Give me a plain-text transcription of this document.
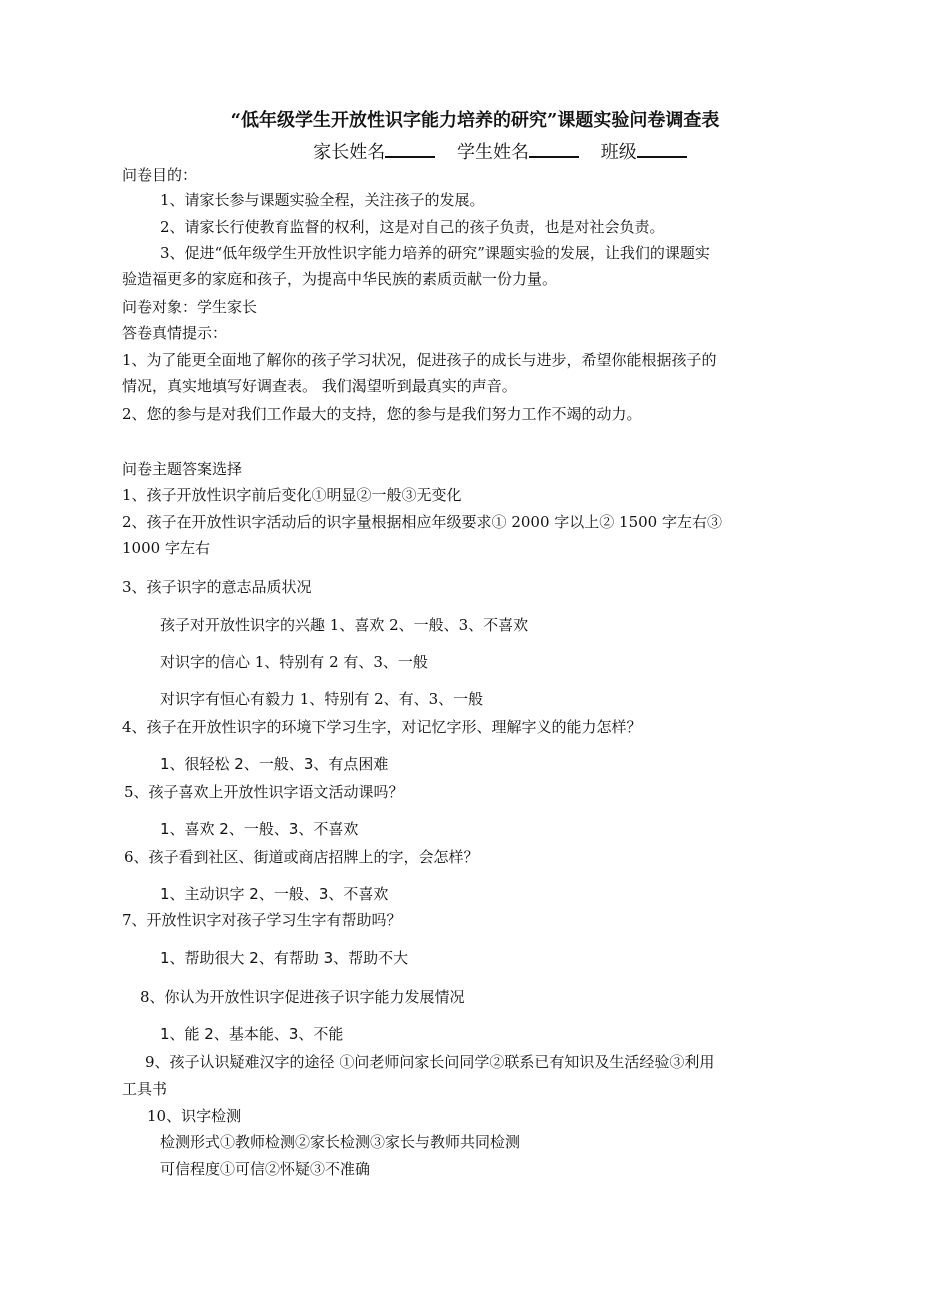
“低年级学生开放性识字能力培养的研究”课题实验问卷调查表
家长姓名	学生姓名	班级
问卷目的：
1、请家长参与课题实验全程，关注孩子的发展。
2、请家长行使教育监督的权利，这是对自己的孩子负责，也是对社会负责。
3、促进“低年级学生开放性识字能力培养的研究”课题实验的发展，让我们的课题实
验造福更多的家庭和孩子，为提高中华民族的素质贡献一份力量。
问卷对象：学生家长
答卷真情提示：
1、为了能更全面地了解你的孩子学习状况，促进孩子的成长与进步，希望你能根据孩子的
情况，真实地填写好调查表。 我们渴望听到最真实的声音。
2、您的参与是对我们工作最大的支持，您的参与是我们努力工作不竭的动力。
问卷主题答案选择
1、孩子开放性识字前后变化①明显②一般③无变化
2、孩子在开放性识字活动后的识字量根据相应年级要求① 2000 字以上② 1500 字左右③
1000 字左右
3、孩子识字的意志品质状况
孩子对开放性识字的兴趣 1、喜欢 2、一般、3、不喜欢
对识字的信心 1、特别有 2 有、3、一般
对识字有恒心有毅力 1、特别有 2、有、3、一般
4、孩子在开放性识字的环境下学习生字，对记忆字形、理解字义的能力怎样？
1、很轻松 2、一般、3、有点困难
5、孩子喜欢上开放性识字语文活动课吗？
1、喜欢 2、一般、3、不喜欢
6、孩子看到社区、街道或商店招牌上的字，会怎样？
1、主动识字 2、一般、3、不喜欢
7、开放性识字对孩子学习生字有帮助吗？
1、帮助很大 2、有帮助 3、帮助不大
8、你认为开放性识字促进孩子识字能力发展情况
1、能 2、基本能、3、不能
9、孩子认识疑难汉字的途径 ①问老师问家长问同学②联系已有知识及生活经验③利用
工具书
10、识字检测
检测形式①教师检测②家长检测③家长与教师共同检测
可信程度①可信②怀疑③不准确
